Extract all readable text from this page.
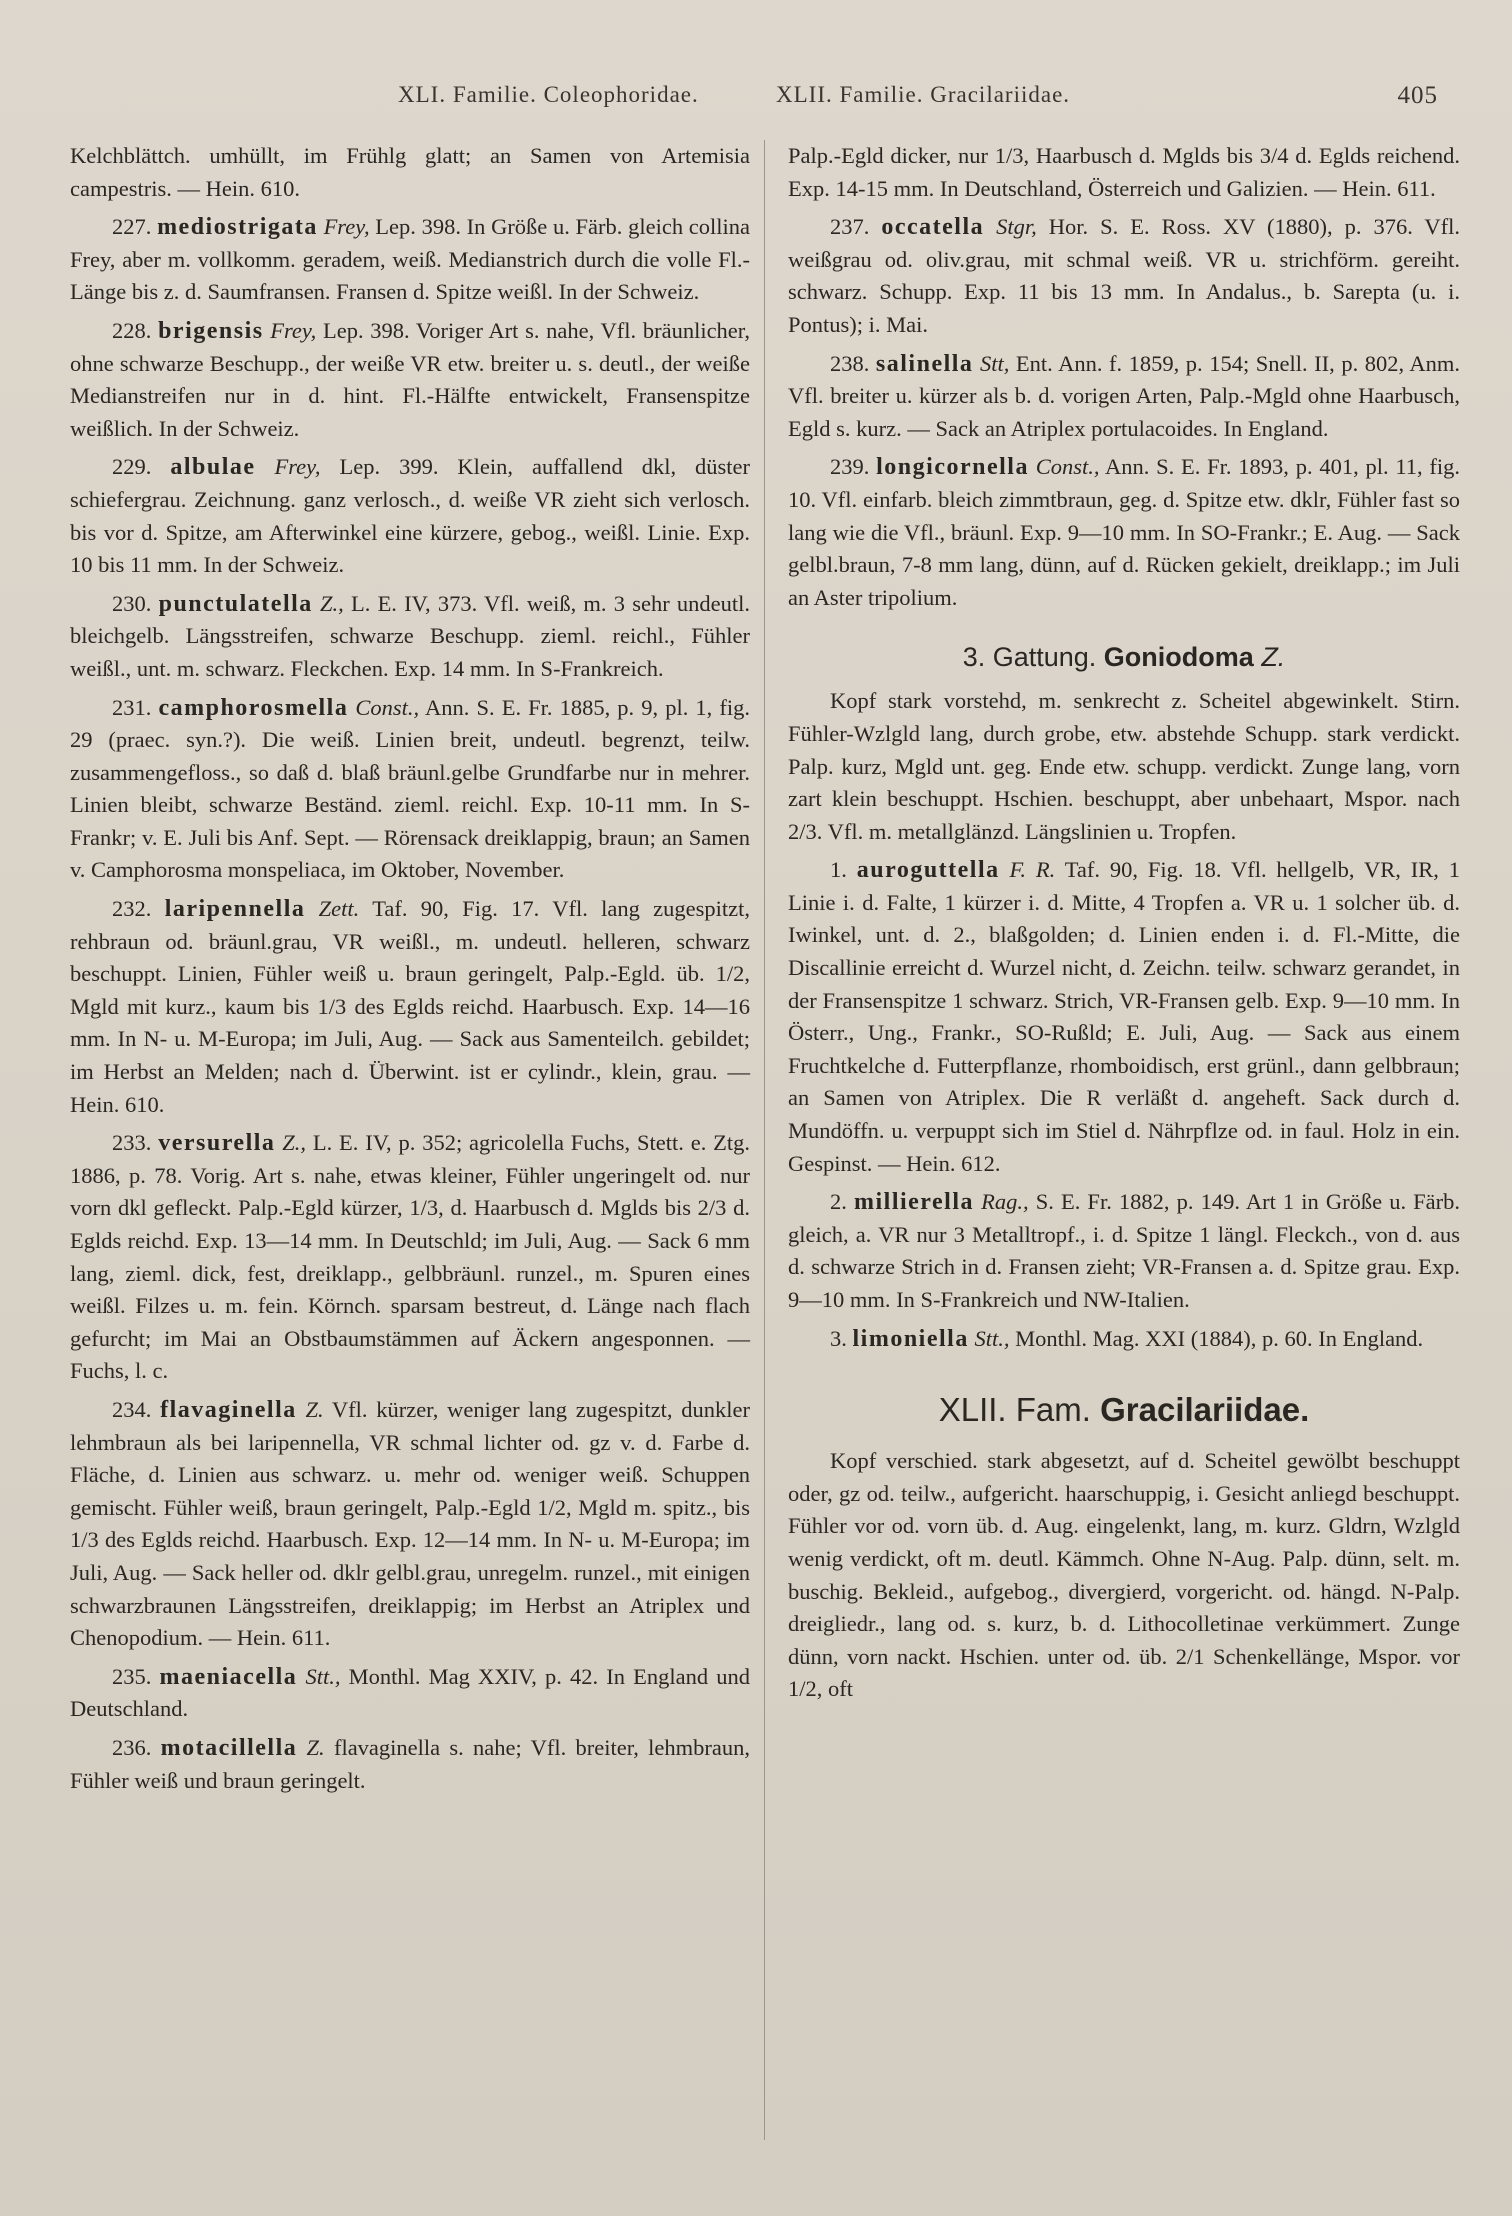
XLI. Familie. Coleophoridae.	XLII. Familie. Gracilariidae.	405

Kelchblättch. umhüllt, im Frühlg glatt; an Samen von Artemisia campestris. — Hein. 610.

227. mediostrigata Frey, Lep. 398. In Größe u. Färb. gleich collina Frey, aber m. vollkomm. geradem, weiß. Medianstrich durch die volle Fl.-Länge bis z. d. Saumfransen. Fransen d. Spitze weißl. In der Schweiz.

228. brigensis Frey, Lep. 398. Voriger Art s. nahe, Vfl. bräunlicher, ohne schwarze Beschupp., der weiße VR etw. breiter u. s. deutl., der weiße Medianstreifen nur in d. hint. Fl.-Hälfte entwickelt, Fransenspitze weißlich. In der Schweiz.

229. albulae Frey, Lep. 399. Klein, auffallend dkl, düster schiefergrau. Zeichnung. ganz verlosch., d. weiße VR zieht sich verlosch. bis vor d. Spitze, am Afterwinkel eine kürzere, gebog., weißl. Linie. Exp. 10 bis 11 mm. In der Schweiz.

230. punctulatella Z., L. E. IV, 373. Vfl. weiß, m. 3 sehr undeutl. bleichgelb. Längsstreifen, schwarze Beschupp. zieml. reichl., Fühler weißl., unt. m. schwarz. Fleckchen. Exp. 14 mm. In S-Frankreich.

231. camphorosmella Const., Ann. S. E. Fr. 1885, p. 9, pl. 1, fig. 29 (praec. syn.?). Die weiß. Linien breit, undeutl. begrenzt, teilw. zusammengefloss., so daß d. blaß bräunl.gelbe Grundfarbe nur in mehrer. Linien bleibt, schwarze Beständ. zieml. reichl. Exp. 10-11 mm. In S-Frankr; v. E. Juli bis Anf. Sept. — Rörensack dreiklappig, braun; an Samen v. Camphorosma monspeliaca, im Oktober, November.

232. laripennella Zett. Taf. 90, Fig. 17. Vfl. lang zugespitzt, rehbraun od. bräunl.grau, VR weißl., m. undeutl. helleren, schwarz beschuppt. Linien, Fühler weiß u. braun geringelt, Palp.-Egld. üb. 1/2, Mgld mit kurz., kaum bis 1/3 des Eglds reichd. Haarbusch. Exp. 14—16 mm. In N- u. M-Europa; im Juli, Aug. — Sack aus Samenteilch. gebildet; im Herbst an Melden; nach d. Überwint. ist er cylindr., klein, grau. — Hein. 610.

233. versurella Z., L. E. IV, p. 352; agricolella Fuchs, Stett. e. Ztg. 1886, p. 78. Vorig. Art s. nahe, etwas kleiner, Fühler ungeringelt od. nur vorn dkl gefleckt. Palp.-Egld kürzer, 1/3, d. Haarbusch d. Mglds bis 2/3 d. Eglds reichd. Exp. 13—14 mm. In Deutschld; im Juli, Aug. — Sack 6 mm lang, zieml. dick, fest, dreiklapp., gelbbräunl. runzel., m. Spuren eines weißl. Filzes u. m. fein. Körnch. sparsam bestreut, d. Länge nach flach gefurcht; im Mai an Obstbaumstämmen auf Äckern angesponnen. — Fuchs, l. c.

234. flavaginella Z. Vfl. kürzer, weniger lang zugespitzt, dunkler lehmbraun als bei laripennella, VR schmal lichter od. gz v. d. Farbe d. Fläche, d. Linien aus schwarz. u. mehr od. weniger weiß. Schuppen gemischt. Fühler weiß, braun geringelt, Palp.-Egld 1/2, Mgld m. spitz., bis 1/3 des Eglds reichd. Haarbusch. Exp. 12—14 mm. In N- u. M-Europa; im Juli, Aug. — Sack heller od. dklr gelbl.grau, unregelm. runzel., mit einigen schwarzbraunen Längsstreifen, dreiklappig; im Herbst an Atriplex und Chenopodium. — Hein. 611.

235. maeniacella Stt., Monthl. Mag XXIV, p. 42. In England und Deutschland.

236. motacillella Z. flavaginella s. nahe; Vfl. breiter, lehmbraun, Fühler weiß und braun geringelt.

Palp.-Egld dicker, nur 1/3, Haarbusch d. Mglds bis 3/4 d. Eglds reichend. Exp. 14-15 mm. In Deutschland, Österreich und Galizien. — Hein. 611.

237. occatella Stgr, Hor. S. E. Ross. XV (1880), p. 376. Vfl. weißgrau od. oliv.grau, mit schmal weiß. VR u. strichförm. gereiht. schwarz. Schupp. Exp. 11 bis 13 mm. In Andalus., b. Sarepta (u. i. Pontus); i. Mai.

238. salinella Stt, Ent. Ann. f. 1859, p. 154; Snell. II, p. 802, Anm. Vfl. breiter u. kürzer als b. d. vorigen Arten, Palp.-Mgld ohne Haarbusch, Egld s. kurz. — Sack an Atriplex portulacoides. In England.

239. longicornella Const., Ann. S. E. Fr. 1893, p. 401, pl. 11, fig. 10. Vfl. einfarb. bleich zimmtbraun, geg. d. Spitze etw. dklr, Fühler fast so lang wie die Vfl., bräunl. Exp. 9—10 mm. In SO-Frankr.; E. Aug. — Sack gelbl.braun, 7-8 mm lang, dünn, auf d. Rücken gekielt, dreiklapp.; im Juli an Aster tripolium.

3. Gattung. Goniodoma Z.

Kopf stark vorstehd, m. senkrecht z. Scheitel abgewinkelt. Stirn. Fühler-Wzlgld lang, durch grobe, etw. abstehde Schupp. stark verdickt. Palp. kurz, Mgld unt. geg. Ende etw. schupp. verdickt. Zunge lang, vorn zart klein beschuppt. Hschien. beschuppt, aber unbehaart, Mspor. nach 2/3. Vfl. m. metallglänzd. Längslinien u. Tropfen.

1. auroguttella F. R. Taf. 90, Fig. 18. Vfl. hellgelb, VR, IR, 1 Linie i. d. Falte, 1 kürzer i. d. Mitte, 4 Tropfen a. VR u. 1 solcher üb. d. Iwinkel, unt. d. 2., blaßgolden; d. Linien enden i. d. Fl.-Mitte, die Discallinie erreicht d. Wurzel nicht, d. Zeichn. teilw. schwarz gerandet, in der Fransenspitze 1 schwarz. Strich, VR-Fransen gelb. Exp. 9—10 mm. In Österr., Ung., Frankr., SO-Rußld; E. Juli, Aug. — Sack aus einem Fruchtkelche d. Futterpflanze, rhomboidisch, erst grünl., dann gelbbraun; an Samen von Atriplex. Die R verläßt d. angeheft. Sack durch d. Mundöffn. u. verpuppt sich im Stiel d. Nährpflze od. in faul. Holz in ein. Gespinst. — Hein. 612.

2. millierella Rag., S. E. Fr. 1882, p. 149. Art 1 in Größe u. Färb. gleich, a. VR nur 3 Metalltropf., i. d. Spitze 1 längl. Fleckch., von d. aus d. schwarze Strich in d. Fransen zieht; VR-Fransen a. d. Spitze grau. Exp. 9—10 mm. In S-Frankreich und NW-Italien.

3. limoniella Stt., Monthl. Mag. XXI (1884), p. 60. In England.

XLII. Fam. Gracilariidae.

Kopf verschied. stark abgesetzt, auf d. Scheitel gewölbt beschuppt oder, gz od. teilw., aufgericht. haarschuppig, i. Gesicht anliegd beschuppt. Fühler vor od. vorn üb. d. Aug. eingelenkt, lang, m. kurz. Gldrn, Wzlgld wenig verdickt, oft m. deutl. Kämmch. Ohne N-Aug. Palp. dünn, selt. m. buschig. Bekleid., aufgebog., divergierd, vorgericht. od. hängd. N-Palp. dreigliedr., lang od. s. kurz, b. d. Lithocolletinae verkümmert. Zunge dünn, vorn nackt. Hschien. unter od. üb. 2/1 Schenkellänge, Mspor. vor 1/2, oft
